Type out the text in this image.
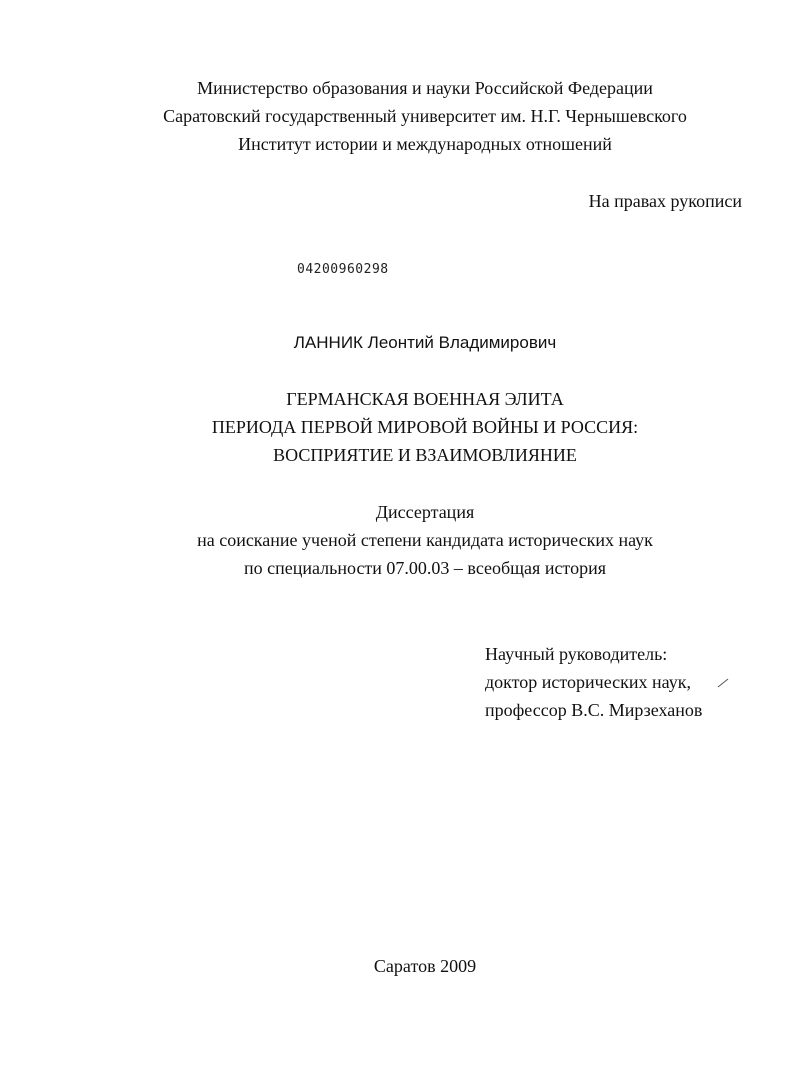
Министерство образования и науки Российской Федерации
Саратовский государственный университет им. Н.Г. Чернышевского
Институт истории и международных отношений
На правах рукописи
04200960298
ЛАННИК Леонтий Владимирович
ГЕРМАНСКАЯ ВОЕННАЯ ЭЛИТА
ПЕРИОДА ПЕРВОЙ МИРОВОЙ ВОЙНЫ И РОССИЯ:
ВОСПРИЯТИЕ И ВЗАИМОВЛИЯНИЕ
Диссертация
на соискание ученой степени кандидата исторических наук
по специальности 07.00.03 – всеобщая история
Научный руководитель:
доктор исторических наук,
профессор В.С. Мирзеханов
Саратов 2009
